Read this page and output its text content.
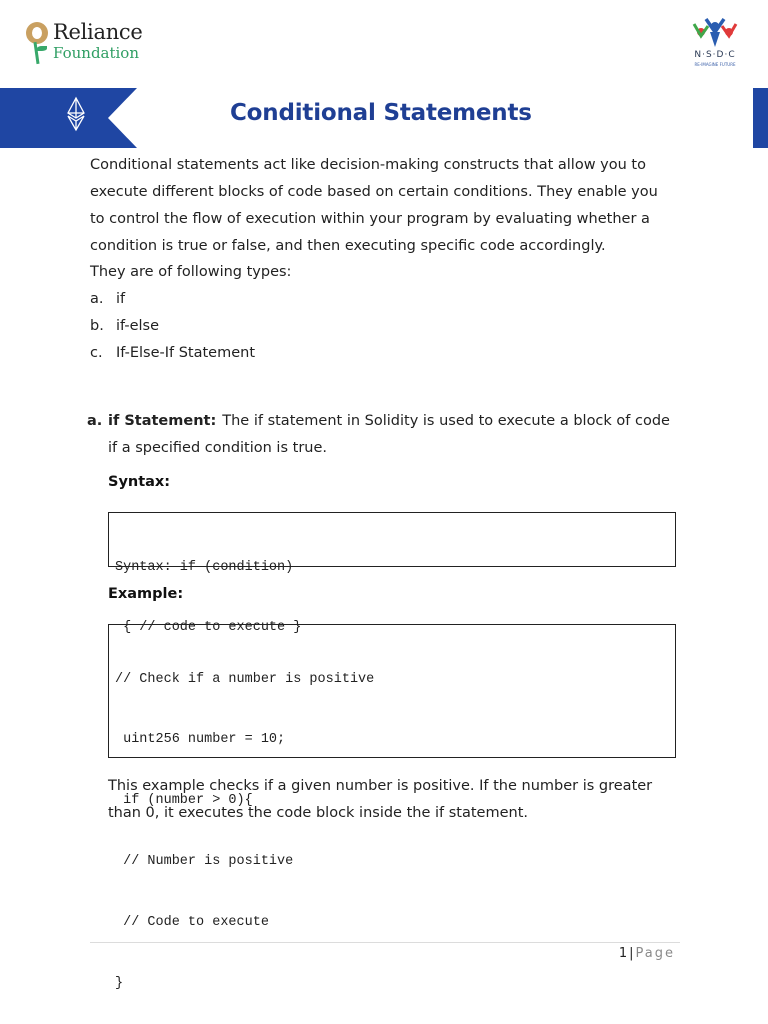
Reliance
Foundation	N·S·D·C
RE-IMAGINE FUTURE
Conditional Statements

Conditional statements act like decision-making constructs that allow you to

execute different blocks of code based on certain conditions. They enable you

to control the flow of execution within your program by evaluating whether a

condition is true or false, and then executing specific code accordingly.

They are of following types:
a. if
b. if-else
c. If-Else-If Statement
a. if Statement: The if statement in Solidity is used to execute a block of code
if a specified condition is true.
Syntax:

Syntax: if (condition)

{ // code to execute }

Example:

// Check if a number is positive

uint256 number = 10;

if (number > 0){

// Number is positive

// Code to execute

}

This example checks if a given number is positive. If the number is greater

than 0, it executes the code block inside the if statement.

1 | Page
